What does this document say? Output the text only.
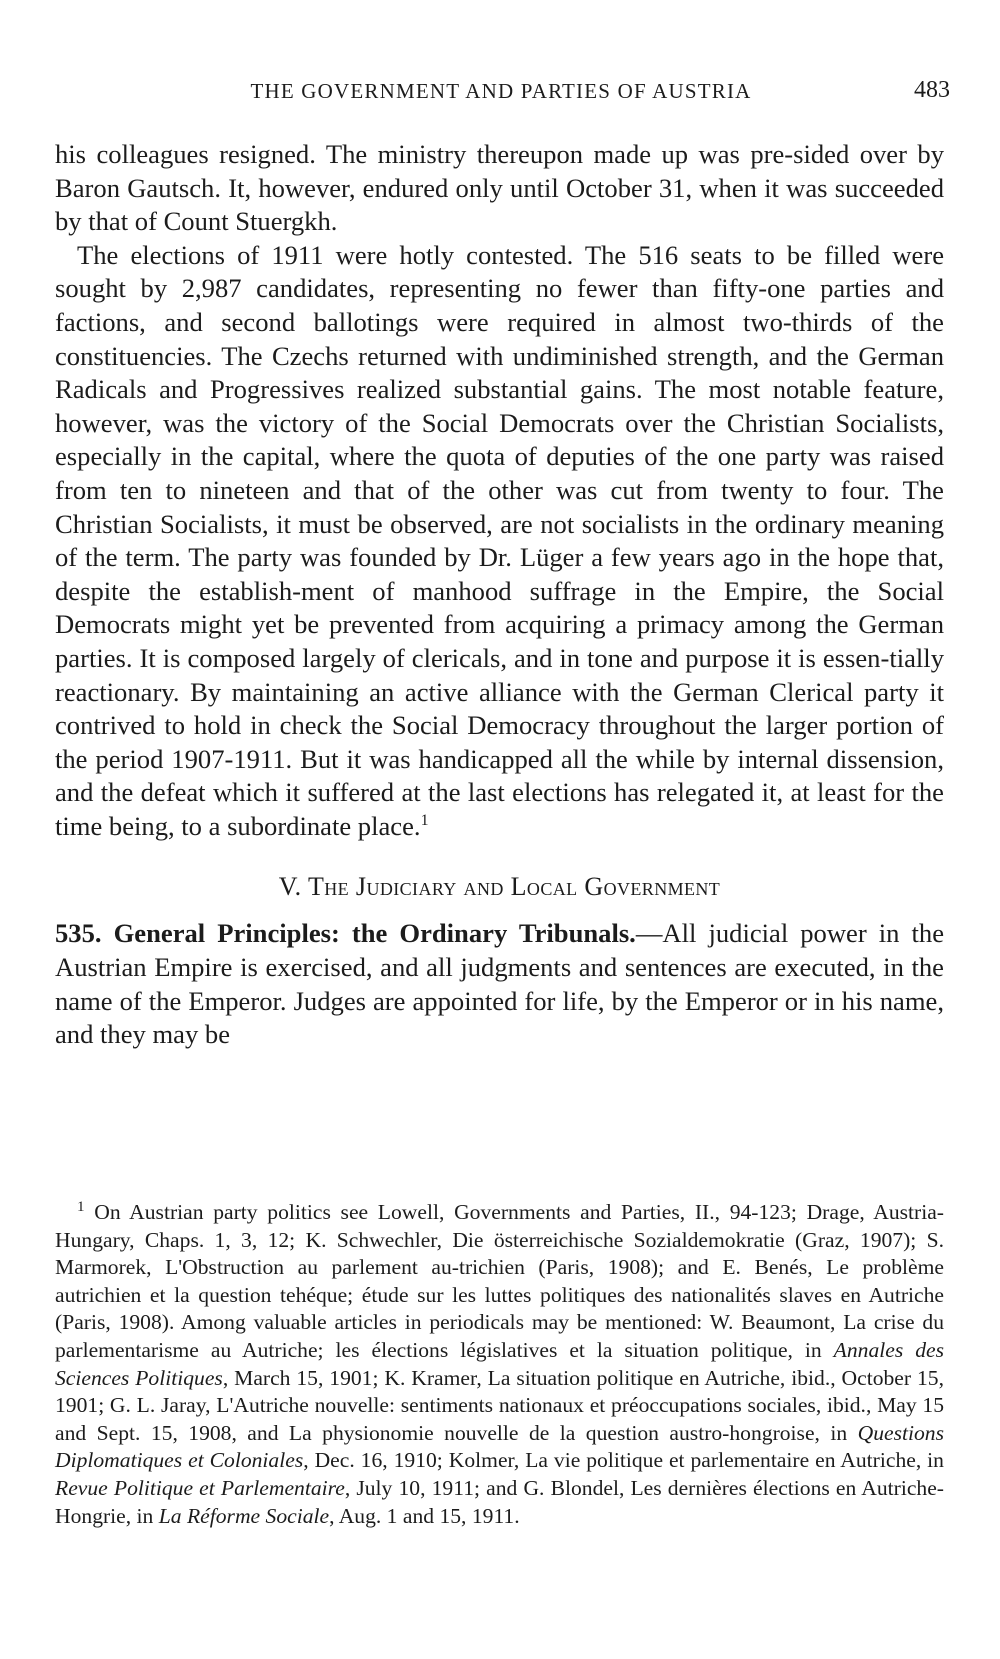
THE GOVERNMENT AND PARTIES OF AUSTRIA	483

his colleagues resigned. The ministry thereupon made up was pre-sided over by Baron Gautsch. It, however, endured only until October 31, when it was succeeded by that of Count Stuergkh.

The elections of 1911 were hotly contested. The 516 seats to be filled were sought by 2,987 candidates, representing no fewer than fifty-one parties and factions, and second ballotings were required in almost two-thirds of the constituencies. The Czechs returned with undiminished strength, and the German Radicals and Progressives realized substantial gains. The most notable feature, however, was the victory of the Social Democrats over the Christian Socialists, especially in the capital, where the quota of deputies of the one party was raised from ten to nineteen and that of the other was cut from twenty to four. The Christian Socialists, it must be observed, are not socialists in the ordinary meaning of the term. The party was founded by Dr. Lüger a few years ago in the hope that, despite the establish-ment of manhood suffrage in the Empire, the Social Democrats might yet be prevented from acquiring a primacy among the German parties. It is composed largely of clericals, and in tone and purpose it is essen-tially reactionary. By maintaining an active alliance with the German Clerical party it contrived to hold in check the Social Democracy throughout the larger portion of the period 1907-1911. But it was handicapped all the while by internal dissension, and the defeat which it suffered at the last elections has relegated it, at least for the time being, to a subordinate place.$^1$

V. The Judiciary and Local Government

535. General Principles: the Ordinary Tribunals.—All judicial power in the Austrian Empire is exercised, and all judgments and sentences are executed, in the name of the Emperor. Judges are appointed for life, by the Emperor or in his name, and they may be

$^1$ On Austrian party politics see Lowell, Governments and Parties, II., 94-123; Drage, Austria-Hungary, Chaps. 1, 3, 12; K. Schwechler, Die österreichische Sozialdemokratie (Graz, 1907); S. Marmorek, L'Obstruction au parlement au-trichien (Paris, 1908); and E. Benés, Le problème autrichien et la question tehéque; étude sur les luttes politiques des nationalités slaves en Autriche (Paris, 1908). Among valuable articles in periodicals may be mentioned: W. Beaumont, La crise du parlementarisme au Autriche; les élections législatives et la situation politique, in Annales des Sciences Politiques, March 15, 1901; K. Kramer, La situation politique en Autriche, ibid., October 15, 1901; G. L. Jaray, L'Autriche nouvelle: sentiments nationaux et préoccupations sociales, ibid., May 15 and Sept. 15, 1908, and La physionomie nouvelle de la question austro-hongroise, in Questions Diplomatiques et Coloniales, Dec. 16, 1910; Kolmer, La vie politique et parlementaire en Autriche, in Revue Politique et Parlementaire, July 10, 1911; and G. Blondel, Les dernières élections en Autriche-Hongrie, in La Réforme Sociale, Aug. 1 and 15, 1911.
